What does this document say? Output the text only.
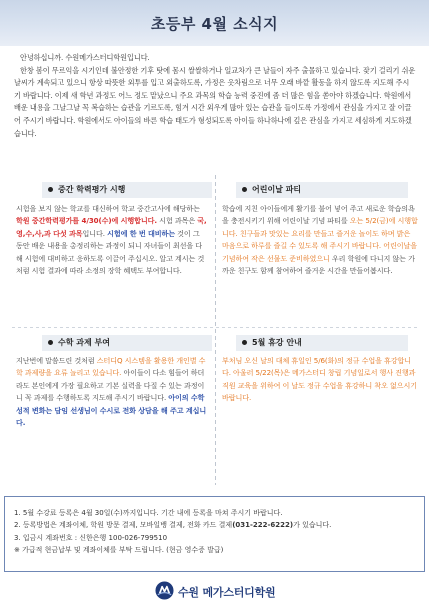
초등부 4월 소식지

안녕하십니까. 수원메가스터디학원입니다.

한창 봄이 무르익을 시기인데 불안정한 기후 탓에 몸시 쌀쌀하거나 일교차가 큰 날들이 자주 출몰하고 있습니다. 잦기 걸리기 쉬운 날씨가 계속되고 있으니 항상 따뜻한 외투를 입고 외출하도록, 가정은 옷차림으로 너무 오래 바깥 활동을 하지 않도록 지도해 주시기 바랍니다. 이제 새 학년 과정도 어느 정도 맡났으니 주요 과목의 학습 능력 중진에 좀 더 많은 힘을 쏟아야 하겠습니다. 학원에서 배운 내용을 그날그날 꼭 복습하는 습관을 기르도록, 힘겨 시간 외우게 많아 있는 습관을 들이도록 가정에서 관심을 가지고 잘 이끌어 주시기 바랍니다. 학원에서도 아이들의 바른 학습 태도가 형성되도록 아이들 하나하나에 깊은 관심을 가지고 세심하게 지도하겠습니다.

중간 학력평가 시행
시험을 보지 않는 학교를 대신하여 학교 중간고사에 해당하는 학원 중간학력평가를 4/30(수)에 시행합니다. 시험 과목은 국,영,수,사,과 다섯 과목입니다. 시험에 한 번 대비하는 것이 그 동안 배운 내용을 총정리하는 과정이 되니 자녀들이 최선을 다해 시험에 대비하고 응하도록 이끌어 주십시오. 알고 계시는 것처럼 시험 결과에 따라 소정의 장학 혜택도 부여합니다.
어린이날 파티
학습에 지친 아이들에게 활기를 불어 넣어 주고 새로운 학습의욕을 충전시키기 위해 어린이날 기념 파티를 오는 5/2(금)에 시행합니다. 친구들과 맛있는 요리를 만들고 즐거운 놀이도 하며 밝은 마음으로 하루를 즐길 수 있도록 해 주시기 바랍니다. 어린이날을 기념하여 작은 선물도 준비하였으니 우리 학원에 다니지 않는 가까운 친구도 함께 참여하여 즐거운 시간을 만들어봅시다.
수학 과제 부여
지난번에 말씀드린 것처럼 스터디Q 시스템을 활용한 개인별 수학 과제량을 요류 늘리고 있습니다. 아이들이 다소 힘들어 하더라도 본인에게 가장 필요하고 기본 실력을 다질 수 있는 과정이니 꼭 과제를 수행하도록 지도해 주시기 바랍니다. 아이의 수학 성적 변화는 담임 선생님이 수시로 전화 상담을 해 주고 계십니다.
5월 휴강 안내
부처님 오신 날의 대체 휴일인 5/6(화)의 정규 수업을 휴강합니다. 아울러 5/22(목)은 메가스터디 창립 기념일로서 행사 진행과 직원 교육을 위하여 이 날도 정규 수업을 휴강하니 착오 없으시기 바랍니다.
1. 5월 수강료 등록은 4월 30일(수)까지입니다. 기간 내에 등록을 마쳐 주시기 바랍니다.
2. 등록방법은 계좌이체, 학원 방문 결제, 모바일뱅 결제, 전화 카드 결제(031-222-6222)가 있습니다.
3. 입금시 계좌번호 : 신한은행 100-026-799510
※ 가급적 현금납부 및 계좌이체를 부탁 드립니다. (현금 영수증 발급)
수원 메가스터디학원
